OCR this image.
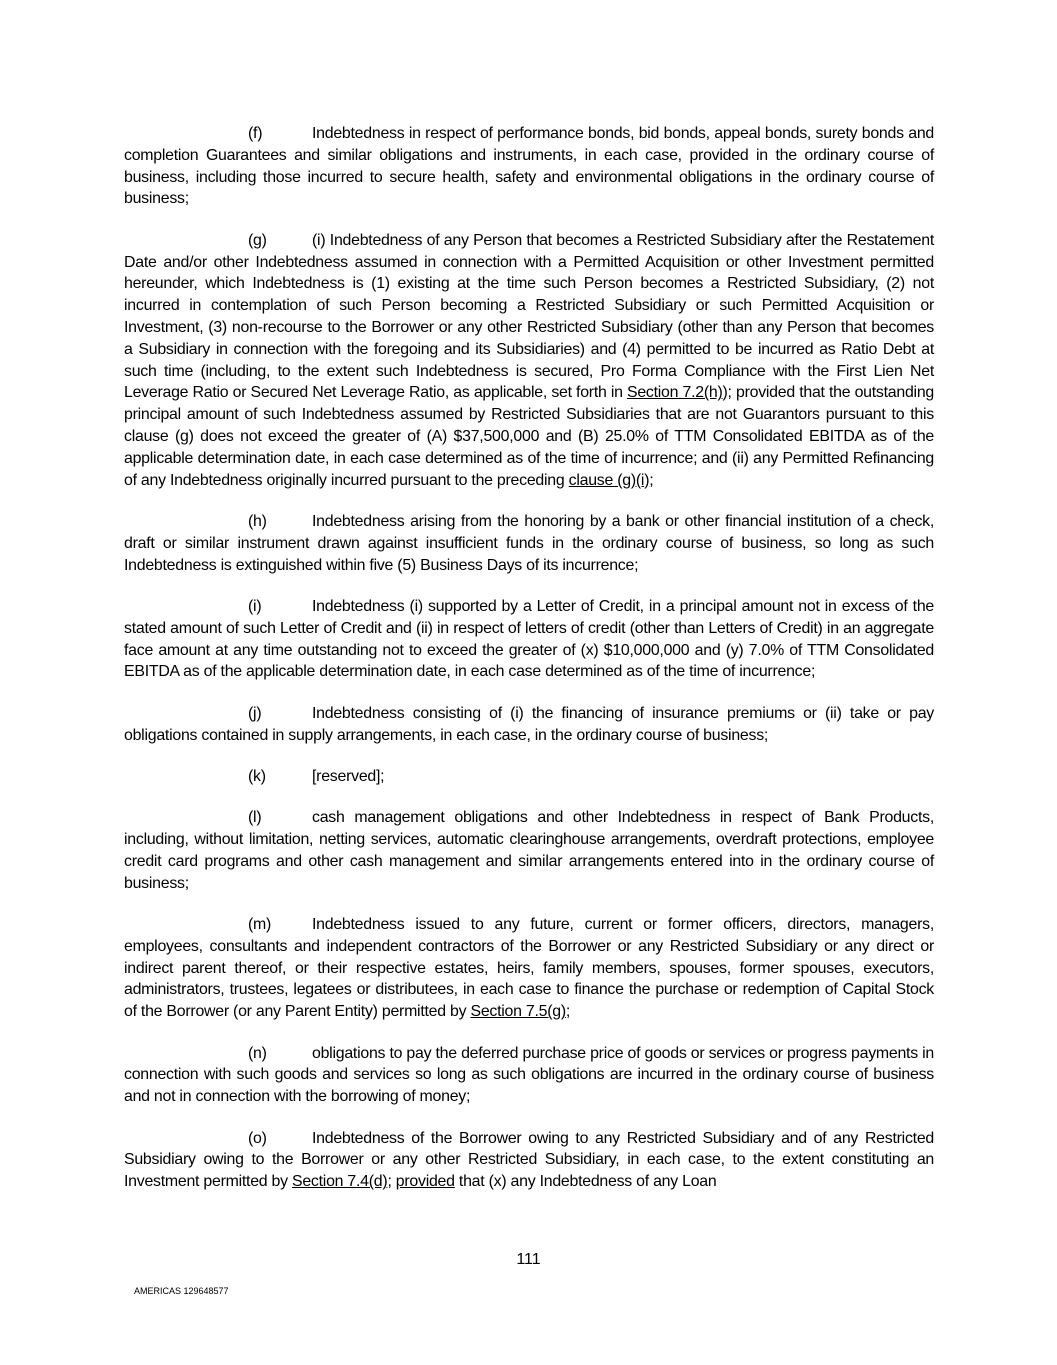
(f)	Indebtedness in respect of performance bonds, bid bonds, appeal bonds, surety bonds and completion Guarantees and similar obligations and instruments, in each case, provided in the ordinary course of business, including those incurred to secure health, safety and environmental obligations in the ordinary course of business;

(g)	(i) Indebtedness of any Person that becomes a Restricted Subsidiary after the Restatement Date and/or other Indebtedness assumed in connection with a Permitted Acquisition or other Investment permitted hereunder, which Indebtedness is (1) existing at the time such Person becomes a Restricted Subsidiary, (2) not incurred in contemplation of such Person becoming a Restricted Subsidiary or such Permitted Acquisition or Investment, (3) non-recourse to the Borrower or any other Restricted Subsidiary (other than any Person that becomes a Subsidiary in connection with the foregoing and its Subsidiaries) and (4) permitted to be incurred as Ratio Debt at such time (including, to the extent such Indebtedness is secured, Pro Forma Compliance with the First Lien Net Leverage Ratio or Secured Net Leverage Ratio, as applicable, set forth in Section 7.2(h)); provided that the outstanding principal amount of such Indebtedness assumed by Restricted Subsidiaries that are not Guarantors pursuant to this clause (g) does not exceed the greater of (A) $37,500,000 and (B) 25.0% of TTM Consolidated EBITDA as of the applicable determination date, in each case determined as of the time of incurrence; and (ii) any Permitted Refinancing of any Indebtedness originally incurred pursuant to the preceding clause (g)(i);

(h)	Indebtedness arising from the honoring by a bank or other financial institution of a check, draft or similar instrument drawn against insufficient funds in the ordinary course of business, so long as such Indebtedness is extinguished within five (5) Business Days of its incurrence;

(i)	Indebtedness (i) supported by a Letter of Credit, in a principal amount not in excess of the stated amount of such Letter of Credit and (ii) in respect of letters of credit (other than Letters of Credit) in an aggregate face amount at any time outstanding not to exceed the greater of (x) $10,000,000 and (y) 7.0% of TTM Consolidated EBITDA as of the applicable determination date, in each case determined as of the time of incurrence;

(j)	Indebtedness consisting of (i) the financing of insurance premiums or (ii) take or pay obligations contained in supply arrangements, in each case, in the ordinary course of business;

(k)	[reserved];

(l)	cash management obligations and other Indebtedness in respect of Bank Products, including, without limitation, netting services, automatic clearinghouse arrangements, overdraft protections, employee credit card programs and other cash management and similar arrangements entered into in the ordinary course of business;

(m)	Indebtedness issued to any future, current or former officers, directors, managers, employees, consultants and independent contractors of the Borrower or any Restricted Subsidiary or any direct or indirect parent thereof, or their respective estates, heirs, family members, spouses, former spouses, executors, administrators, trustees, legatees or distributees, in each case to finance the purchase or redemption of Capital Stock of the Borrower (or any Parent Entity) permitted by Section 7.5(g);

(n)	obligations to pay the deferred purchase price of goods or services or progress payments in connection with such goods and services so long as such obligations are incurred in the ordinary course of business and not in connection with the borrowing of money;

(o)	Indebtedness of the Borrower owing to any Restricted Subsidiary and of any Restricted Subsidiary owing to the Borrower or any other Restricted Subsidiary, in each case, to the extent constituting an Investment permitted by Section 7.4(d); provided that (x) any Indebtedness of any Loan

111
AMERICAS 129648577
